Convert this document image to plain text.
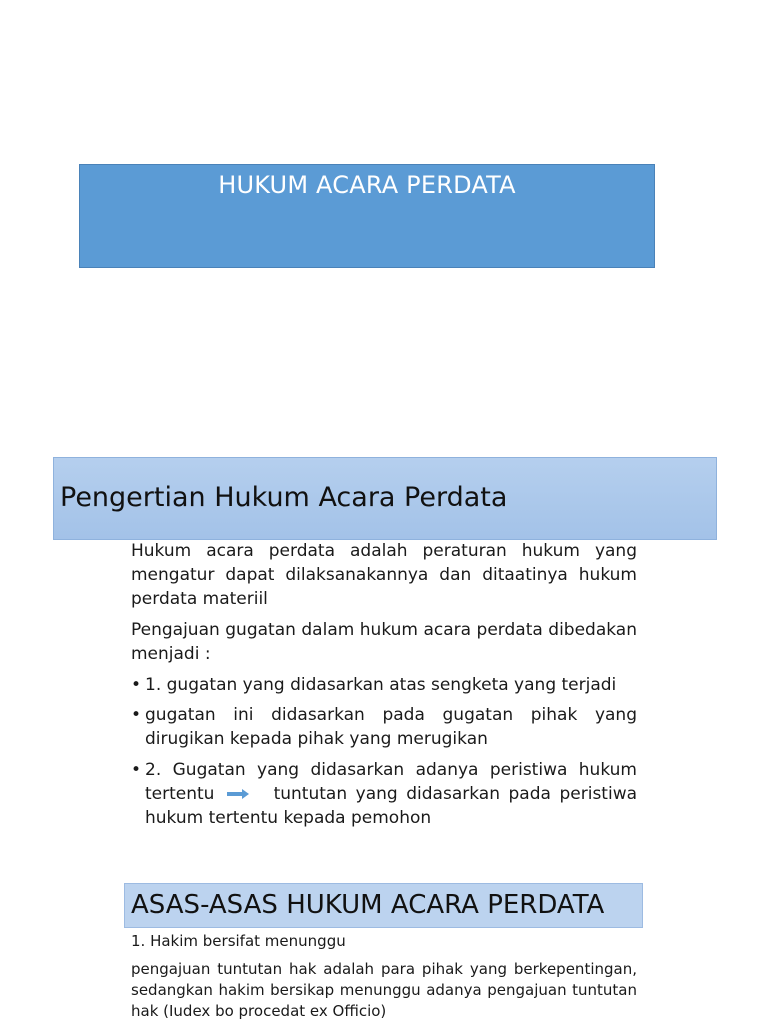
HUKUM ACARA PERDATA
Pengertian Hukum Acara Perdata
Hukum acara perdata adalah peraturan hukum yang mengatur dapat dilaksanakannya dan ditaatinya hukum perdata materiil
Pengajuan gugatan dalam hukum acara perdata dibedakan menjadi :
• 1. gugatan yang didasarkan atas sengketa yang terjadi
• gugatan ini didasarkan pada gugatan pihak yang dirugikan kepada pihak yang merugikan
• 2. Gugatan yang didasarkan adanya peristiwa hukum tertentu	tuntutan yang didasarkan pada peristiwa hukum tertentu kepada pemohon
ASAS-ASAS HUKUM ACARA PERDATA
1. Hakim bersifat menunggu
pengajuan tuntutan hak adalah para pihak yang berkepentingan, sedangkan hakim bersikap menunggu adanya pengajuan tuntutan hak (Iudex bo procedat ex Officio)
